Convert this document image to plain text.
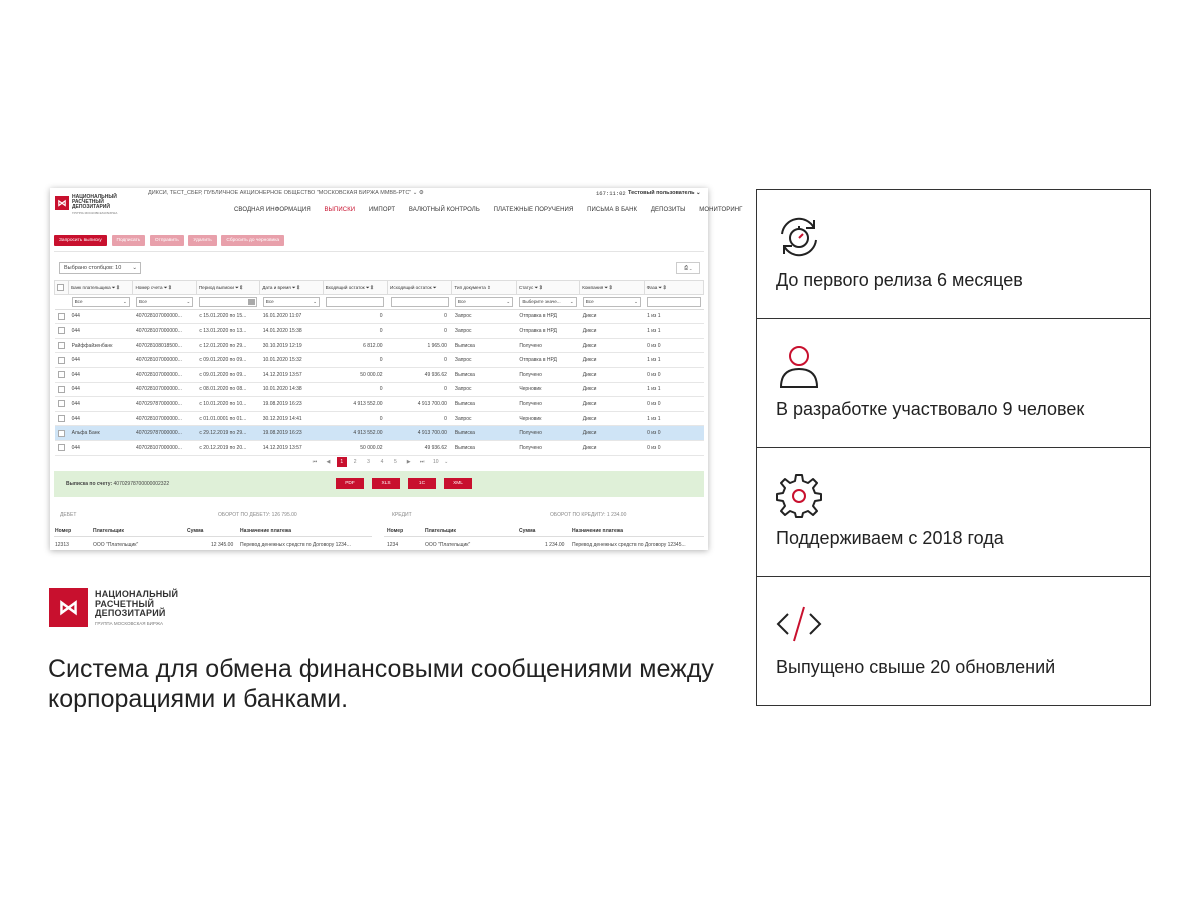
⋈
НАЦИОНАЛЬНЫЙ
РАСЧЕТНЫЙ
ДЕПОЗИТАРИЙ
ГРУППА МОСКОВСКАЯ БИРЖА
ДИКСИ, ТЕСТ_СБЕР, ПУБЛИЧНОЕ АКЦИОНЕРНОЕ ОБЩЕСТВО "МОСКОВСКАЯ БИРЖА ММВБ-РТС" ⌄ ⚙	167:11:02 Тестовый пользователь ⌄
СВОДНАЯ ИНФОРМАЦИЯ ВЫПИСКИ ИМПОРТ ВАЛЮТНЫЙ КОНТРОЛЬ ПЛАТЕЖНЫЕ ПОРУЧЕНИЯ ПИСЬМА В БАНК ДЕПОЗИТЫ МОНИТОРИНГ
Запросить выписку	Подписать	Отправить	Удалить	Сбросить до черновика
Выбрано столбцов: 10 ⌄	⎙ ⌄
	Банк плательщика ⏷ ⇕	Номер счета ⏷ ⇕	Период выписки ⏷ ⇕	Дата и время ⏷ ⇕	Входящий остаток ⏷ ⇕	Исходящий остаток ⏷	Тип документа ⇕	Статус ⏷ ⇕	Компания ⏷ ⇕	Фаза ⏷ ⇕

	Все ⌄	Все ⌄		Все ⌄			Все ⌄	Выберите значе... ⌄	Все ⌄	

	044	407028107000000...	с 15.01.2020 по 15...	16.01.2020 11:07	0	0	Запрос	Отправка в НРД	Дикси	1 из 1
	044	407028107000000...	с 13.01.2020 по 13...	14.01.2020 15:38	0	0	Запрос	Отправка в НРД	Дикси	1 из 1
	Райффайзенбанк	407028108018500...	с 12.01.2020 по 29...	30.10.2019 12:19	6 812.00	1 965.00	Выписка	Получено	Дикси	0 из 0
	044	407028107000000...	с 09.01.2020 по 09...	10.01.2020 15:32	0	0	Запрос	Отправка в НРД	Дикси	1 из 1
	044	407028107000000...	с 09.01.2020 по 09...	14.12.2019 13:57	50 000.02	49 936.62	Выписка	Получено	Дикси	0 из 0
	044	407028107000000...	с 08.01.2020 по 08...	10.01.2020 14:38	0	0	Запрос	Черновик	Дикси	1 из 1
	044	407029787000000...	с 10.01.2020 по 10...	19.08.2019 16:23	4 913 552.00	4 913 700.00	Выписка	Получено	Дикси	0 из 0
	044	407028107000000...	с 01.01.0001 по 01...	30.12.2019 14:41	0	0	Запрос	Черновик	Дикси	1 из 1
	Альфа Банк	407029787000000...	с 29.12.2019 по 29...	19.08.2019 16:23	4 913 552.00	4 913 700.00	Выписка	Получено	Дикси	0 из 0
	044	407028107000000...	с 20.12.2019 по 20...	14.12.2019 13:57	50 000.02	49 936.62	Выписка	Получено	Дикси	0 из 0
⏮ ◀ 1 2 3 4 5 ▶ ⏭ 10 ⌄
Выписка по счету: 40702978700000002322	PDF	XLS	1C	XML
ДЕБЕТ	ОБОРОТ ПО ДЕБЕТУ: 126 795.00	КРЕДИТ	ОБОРОТ ПО КРЕДИТУ: 1 234.00
Номер	Плательщик	Сумма	Назначение платежа	Номер	Плательщик	Сумма	Назначение платежа
12313	ООО "Плательщик"	12 345.00 Перевод денежных средств по Договору 1234...	1234	ООО "Плательщик"	1 234.00 Перевод денежных средств по Договору 12345...
⋈
НАЦИОНАЛЬНЫЙ
РАСЧЕТНЫЙ
ДЕПОЗИТАРИЙ
ГРУППА МОСКОВСКАЯ БИРЖА
Система для обмена финансовыми сообщениями между корпорациями и банками.
До первого релиза 6 месяцев
В разработке участвовало 9 человек
Поддерживаем с 2018 года
Выпущено свыше 20 обновлений
